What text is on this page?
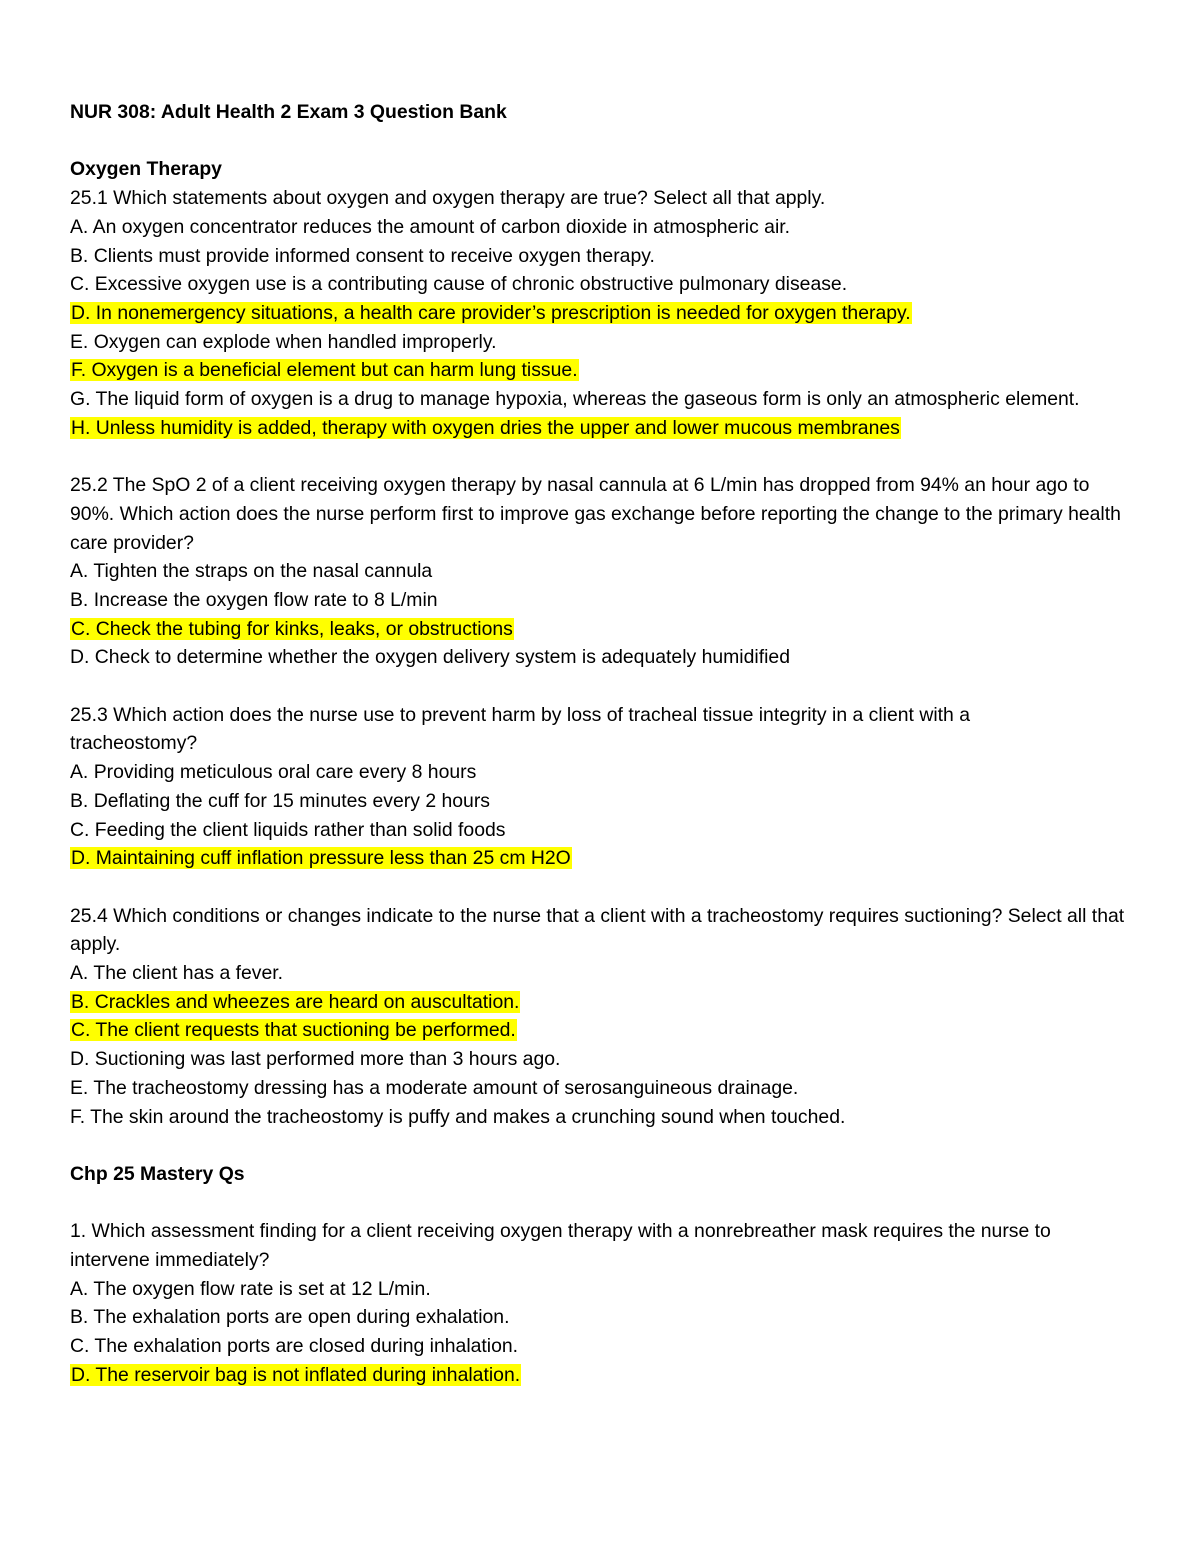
NUR 308: Adult Health 2 Exam 3 Question Bank
Oxygen Therapy
25.1 Which statements about oxygen and oxygen therapy are true? Select all that apply.
A. An oxygen concentrator reduces the amount of carbon dioxide in atmospheric air.
B. Clients must provide informed consent to receive oxygen therapy.
C. Excessive oxygen use is a contributing cause of chronic obstructive pulmonary disease.
D. In nonemergency situations, a health care provider’s prescription is needed for oxygen therapy.
E. Oxygen can explode when handled improperly.
F. Oxygen is a beneficial element but can harm lung tissue.
G. The liquid form of oxygen is a drug to manage hypoxia, whereas the gaseous form is only an atmospheric element.
H. Unless humidity is added, therapy with oxygen dries the upper and lower mucous membranes
25.2 The SpO 2 of a client receiving oxygen therapy by nasal cannula at 6 L/min has dropped from 94% an hour ago to 90%. Which action does the nurse perform first to improve gas exchange before reporting the change to the primary health care provider?
A. Tighten the straps on the nasal cannula
B. Increase the oxygen flow rate to 8 L/min
C. Check the tubing for kinks, leaks, or obstructions
D. Check to determine whether the oxygen delivery system is adequately humidified
25.3 Which action does the nurse use to prevent harm by loss of tracheal tissue integrity in a client with a tracheostomy?
A. Providing meticulous oral care every 8 hours
B. Deflating the cuff for 15 minutes every 2 hours
C. Feeding the client liquids rather than solid foods
D. Maintaining cuff inflation pressure less than 25 cm H2O
25.4 Which conditions or changes indicate to the nurse that a client with a tracheostomy requires suctioning? Select all that apply.
A. The client has a fever.
B. Crackles and wheezes are heard on auscultation.
C. The client requests that suctioning be performed.
D. Suctioning was last performed more than 3 hours ago.
E. The tracheostomy dressing has a moderate amount of serosanguineous drainage.
F. The skin around the tracheostomy is puffy and makes a crunching sound when touched.
Chp 25 Mastery Qs
1. Which assessment finding for a client receiving oxygen therapy with a nonrebreather mask requires the nurse to intervene immediately?
A. The oxygen flow rate is set at 12 L/min.
B. The exhalation ports are open during exhalation.
C. The exhalation ports are closed during inhalation.
D. The reservoir bag is not inflated during inhalation.
